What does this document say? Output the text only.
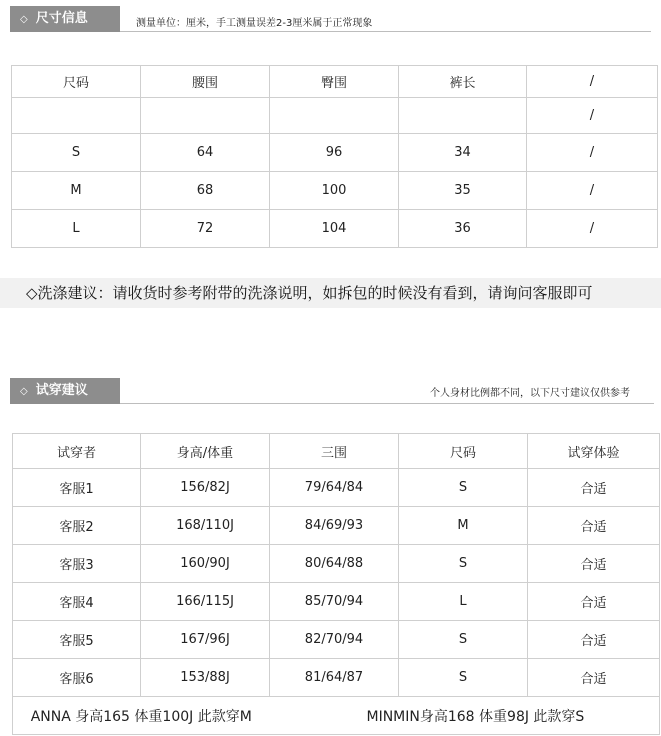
◇ 尺寸信息	测量单位：厘米，手工测量误差2-3厘米属于正常现象
尺码	腰围	臀围	裤长	/
				/
S	64	96	34	/
M	68	100	35	/
L	72	104	36	/
◇洗涤建议：请收货时参考附带的洗涤说明，如拆包的时候没有看到，请询问客服即可
◇ 试穿建议	个人身材比例都不同，以下尺寸建议仅供参考
试穿者	身高/体重	三围	尺码	试穿体验
客服1	156/82J	79/64/84	S	合适
客服2	168/110J	84/69/93	M	合适
客服3	160/90J	80/64/88	S	合适
客服4	166/115J	85/70/94	L	合适
客服5	167/96J	82/70/94	S	合适
客服6	153/88J	81/64/87	S	合适
ANNA 身高165 体重100J 此款穿M		MINMIN身高168 体重98J 此款穿S		
